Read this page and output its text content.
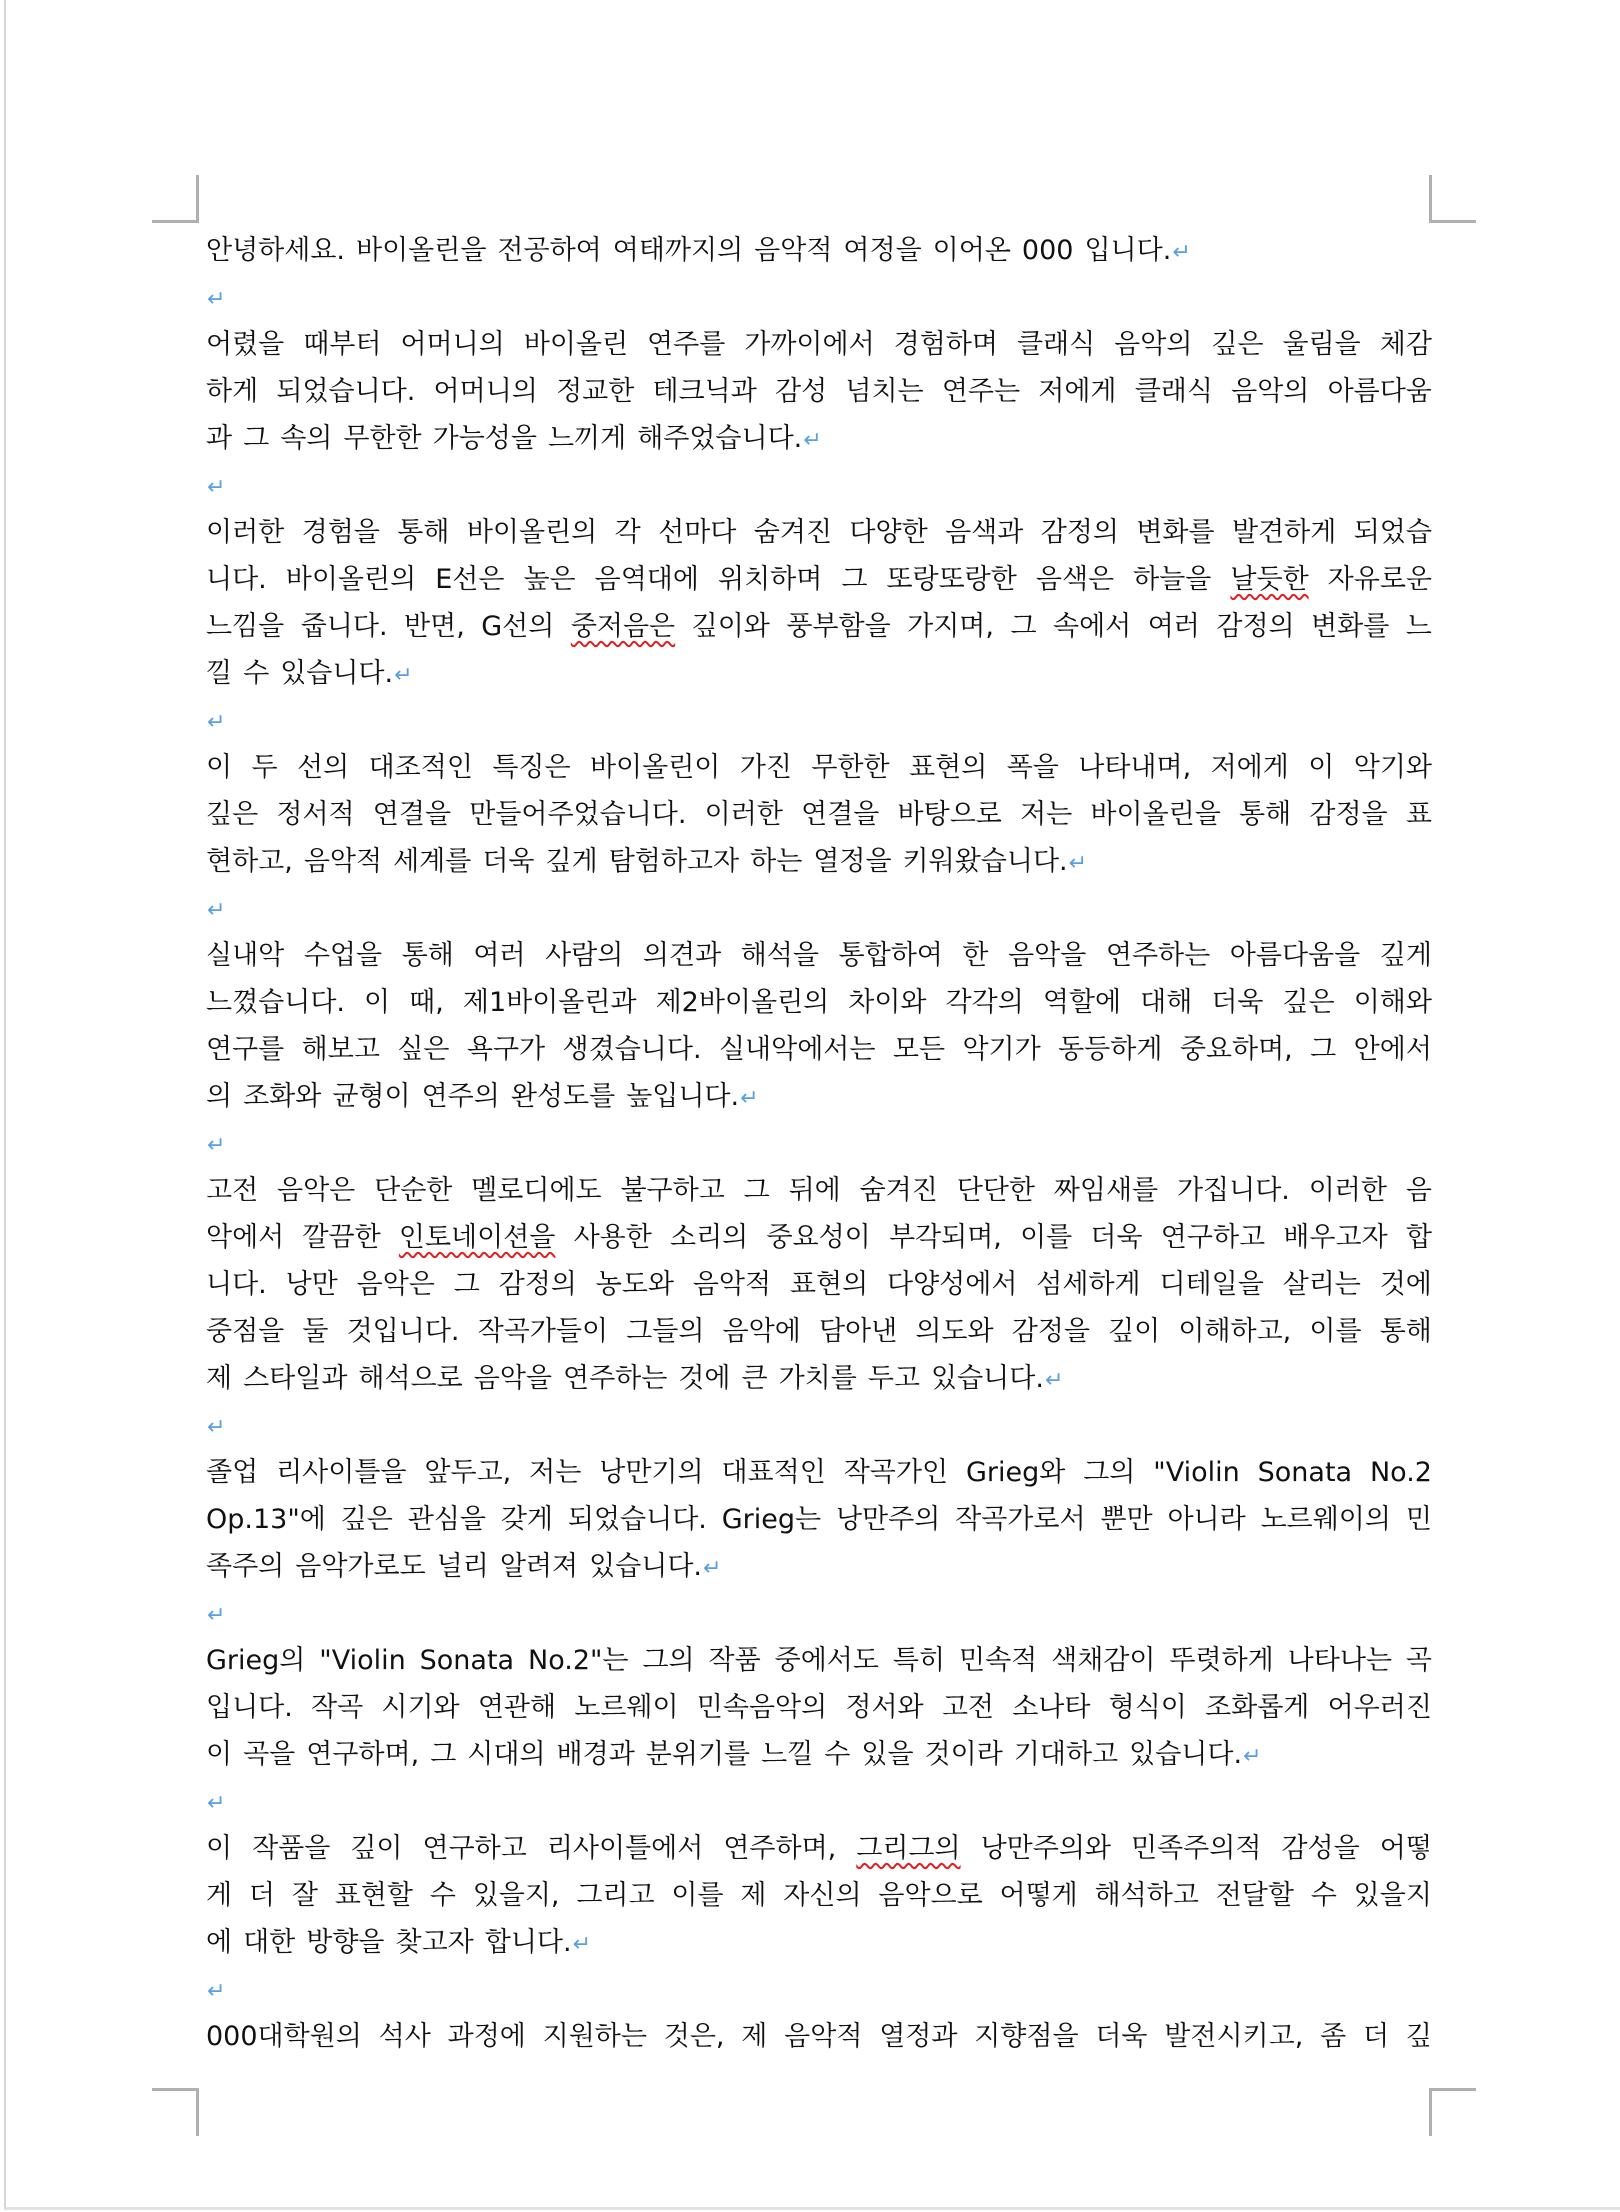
안녕하세요. 바이올린을 전공하여 여태까지의 음악적 여정을 이어온 000 입니다.↵
↵
어렸을 때부터 어머니의 바이올린 연주를 가까이에서 경험하며 클래식 음악의 깊은 울림을 체감
하게 되었습니다. 어머니의 정교한 테크닉과 감성 넘치는 연주는 저에게 클래식 음악의 아름다움
과 그 속의 무한한 가능성을 느끼게 해주었습니다.↵
↵
이러한 경험을 통해 바이올린의 각 선마다 숨겨진 다양한 음색과 감정의 변화를 발견하게 되었습
니다. 바이올린의 E선은 높은 음역대에 위치하며 그 또랑또랑한 음색은 하늘을 날듯한 자유로운
느낌을 줍니다. 반면, G선의 중저음은 깊이와 풍부함을 가지며, 그 속에서 여러 감정의 변화를 느
낄 수 있습니다.↵
↵
이 두 선의 대조적인 특징은 바이올린이 가진 무한한 표현의 폭을 나타내며, 저에게 이 악기와
깊은 정서적 연결을 만들어주었습니다. 이러한 연결을 바탕으로 저는 바이올린을 통해 감정을 표
현하고, 음악적 세계를 더욱 깊게 탐험하고자 하는 열정을 키워왔습니다.↵
↵
실내악 수업을 통해 여러 사람의 의견과 해석을 통합하여 한 음악을 연주하는 아름다움을 깊게
느꼈습니다. 이 때, 제1바이올린과 제2바이올린의 차이와 각각의 역할에 대해 더욱 깊은 이해와
연구를 해보고 싶은 욕구가 생겼습니다. 실내악에서는 모든 악기가 동등하게 중요하며, 그 안에서
의 조화와 균형이 연주의 완성도를 높입니다.↵
↵
고전 음악은 단순한 멜로디에도 불구하고 그 뒤에 숨겨진 단단한 짜임새를 가집니다. 이러한 음
악에서 깔끔한 인토네이션을 사용한 소리의 중요성이 부각되며, 이를 더욱 연구하고 배우고자 합
니다. 낭만 음악은 그 감정의 농도와 음악적 표현의 다양성에서 섬세하게 디테일을 살리는 것에
중점을 둘 것입니다. 작곡가들이 그들의 음악에 담아낸 의도와 감정을 깊이 이해하고, 이를 통해
제 스타일과 해석으로 음악을 연주하는 것에 큰 가치를 두고 있습니다.↵
↵
졸업 리사이틀을 앞두고, 저는 낭만기의 대표적인 작곡가인 Grieg와 그의 "Violin Sonata No.2
Op.13"에 깊은 관심을 갖게 되었습니다. Grieg는 낭만주의 작곡가로서 뿐만 아니라 노르웨이의 민
족주의 음악가로도 널리 알려져 있습니다.↵
↵
Grieg의 "Violin Sonata No.2"는 그의 작품 중에서도 특히 민속적 색채감이 뚜렷하게 나타나는 곡
입니다. 작곡 시기와 연관해 노르웨이 민속음악의 정서와 고전 소나타 형식이 조화롭게 어우러진
이 곡을 연구하며, 그 시대의 배경과 분위기를 느낄 수 있을 것이라 기대하고 있습니다.↵
↵
이 작품을 깊이 연구하고 리사이틀에서 연주하며, 그리그의 낭만주의와 민족주의적 감성을 어떻
게 더 잘 표현할 수 있을지, 그리고 이를 제 자신의 음악으로 어떻게 해석하고 전달할 수 있을지
에 대한 방향을 찾고자 합니다.↵
↵
000대학원의 석사 과정에 지원하는 것은, 제 음악적 열정과 지향점을 더욱 발전시키고, 좀 더 깊
